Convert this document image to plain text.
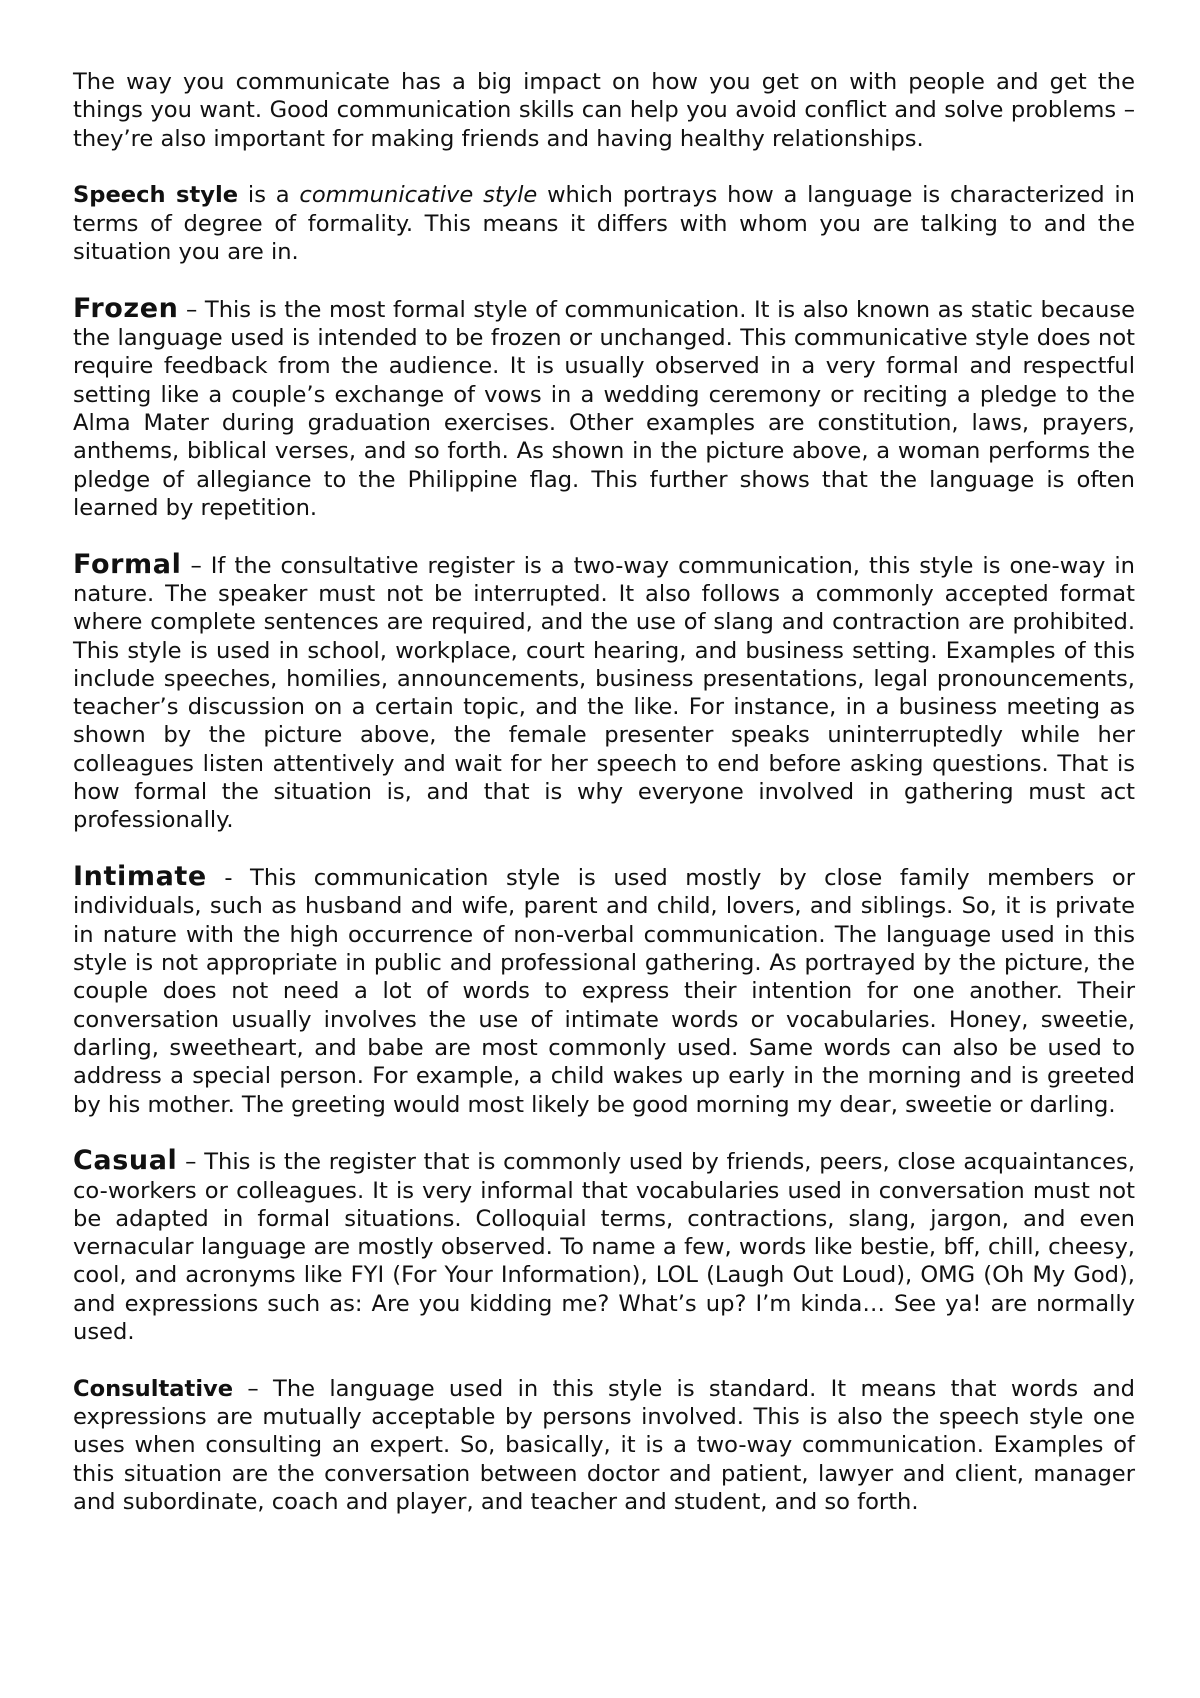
The way you communicate has a big impact on how you get on with people and get the things you want. Good communication skills can help you avoid conflict and solve problems – they’re also important for making friends and having healthy relationships.

Speech style is a communicative style which portrays how a language is characterized in terms of degree of formality. This means it differs with whom you are talking to and the situation you are in.

Frozen – This is the most formal style of communication. It is also known as static because the language used is intended to be frozen or unchanged. This communicative style does not require feedback from the audience. It is usually observed in a very formal and respectful setting like a couple’s exchange of vows in a wedding ceremony or reciting a pledge to the Alma Mater during graduation exercises. Other examples are constitution, laws, prayers, anthems, biblical verses, and so forth. As shown in the picture above, a woman performs the pledge of allegiance to the Philippine flag. This further shows that the language is often learned by repetition.

Formal – If the consultative register is a two-way communication, this style is one-way in nature. The speaker must not be interrupted. It also follows a commonly accepted format where complete sentences are required, and the use of slang and contraction are prohibited. This style is used in school, workplace, court hearing, and business setting. Examples of this include speeches, homilies, announcements, business presentations, legal pronouncements, teacher’s discussion on a certain topic, and the like. For instance, in a business meeting as shown by the picture above, the female presenter speaks uninterruptedly while her colleagues listen attentively and wait for her speech to end before asking questions. That is how formal the situation is, and that is why everyone involved in gathering must act professionally.

Intimate - This communication style is used mostly by close family members or individuals, such as husband and wife, parent and child, lovers, and siblings. So, it is private in nature with the high occurrence of non-verbal communication. The language used in this style is not appropriate in public and professional gathering. As portrayed by the picture, the couple does not need a lot of words to express their intention for one another. Their conversation usually involves the use of intimate words or vocabularies. Honey, sweetie, darling, sweetheart, and babe are most commonly used. Same words can also be used to address a special person. For example, a child wakes up early in the morning and is greeted by his mother. The greeting would most likely be good morning my dear, sweetie or darling.

Casual – This is the register that is commonly used by friends, peers, close acquaintances, co-workers or colleagues. It is very informal that vocabularies used in conversation must not be adapted in formal situations. Colloquial terms, contractions, slang, jargon, and even vernacular language are mostly observed. To name a few, words like bestie, bff, chill, cheesy, cool, and acronyms like FYI (For Your Information), LOL (Laugh Out Loud), OMG (Oh My God), and expressions such as: Are you kidding me? What’s up? I’m kinda… See ya! are normally used.

Consultative – The language used in this style is standard. It means that words and expressions are mutually acceptable by persons involved. This is also the speech style one uses when consulting an expert. So, basically, it is a two-way communication. Examples of this situation are the conversation between doctor and patient, lawyer and client, manager and subordinate, coach and player, and teacher and student, and so forth.
